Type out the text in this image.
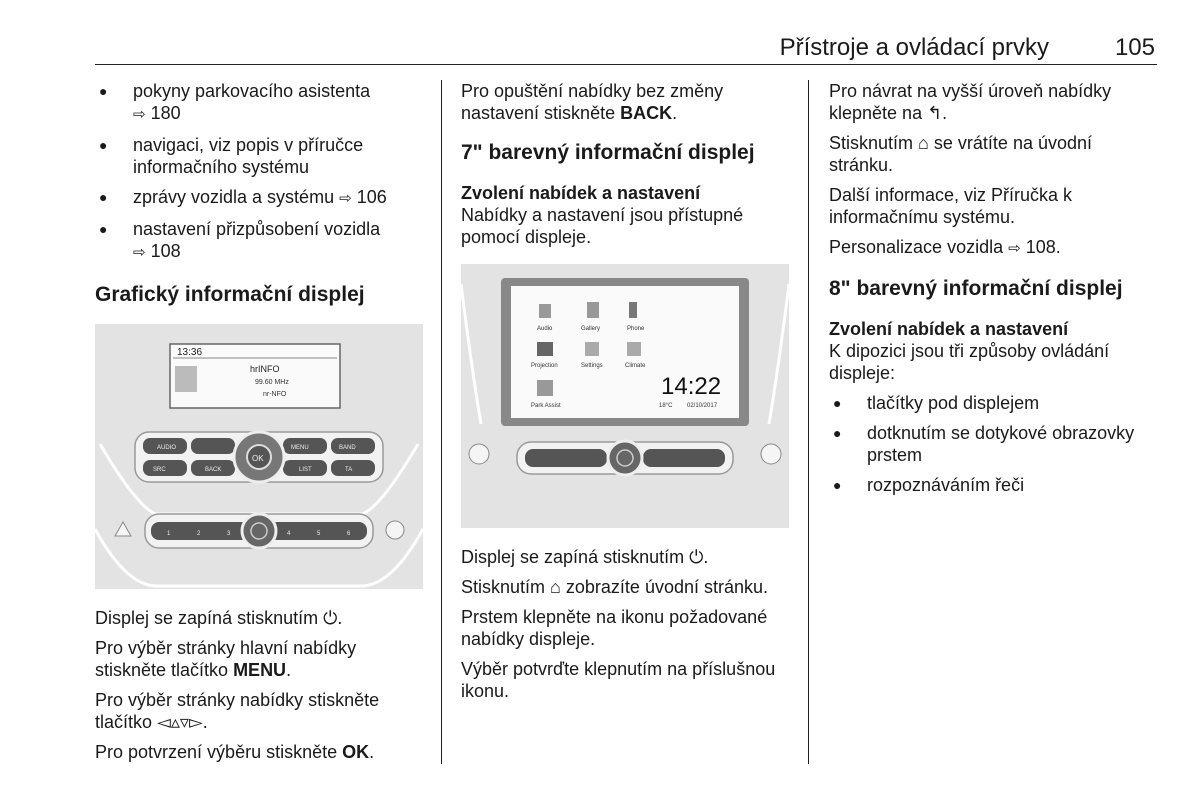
Přístroje a ovládací prvky	105
● pokyny parkovacího asistenta
⇨ 180
● navigaci, viz popis v příručce informačního systému
● zprávy vozidla a systému ⇨ 106
● nastavení přizpůsobení vozidla
⇨ 108
Grafický informační displej
13:36
hrINFO
99.60 MHz
nr-NFO
AUDIO	BAND
MENU
SRC	BACK	LIST	TA
OK
1	2	3	4	5	6

Displej se zapíná stisknutím ⏻.

Pro výběr stránky hlavní nabídky stiskněte tlačítko MENU.

Pro výběr stránky nabídky stiskněte tlačítko ◅▵▿▻.

Pro potvrzení výběru stiskněte OK.

Pro opuštění nabídky bez změny nastavení stiskněte BACK.

7" barevný informační displej
Zvolení nabídek a nastavení

Nabídky a nastavení jsou přístupné pomocí displeje.

Audio	Gallery	Phone
Projection	Settings	Climate
Park Assist
14:22
18°C 02/10/2017

Displej se zapíná stisknutím ⏻.

Stisknutím ⌂ zobrazíte úvodní stránku.

Prstem klepněte na ikonu požadované nabídky displeje.

Výběr potvrďte klepnutím na příslušnou ikonu.

Pro návrat na vyšší úroveň nabídky klepněte na ↰.

Stisknutím ⌂ se vrátíte na úvodní stránku.

Další informace, viz Příručka k informačnímu systému.

Personalizace vozidla ⇨ 108.

8" barevný informační displej
Zvolení nabídek a nastavení

K dipozici jsou tři způsoby ovládání displeje:

● tlačítky pod displejem
● dotknutím se dotykové obrazovky prstem
● rozpoznáváním řeči
